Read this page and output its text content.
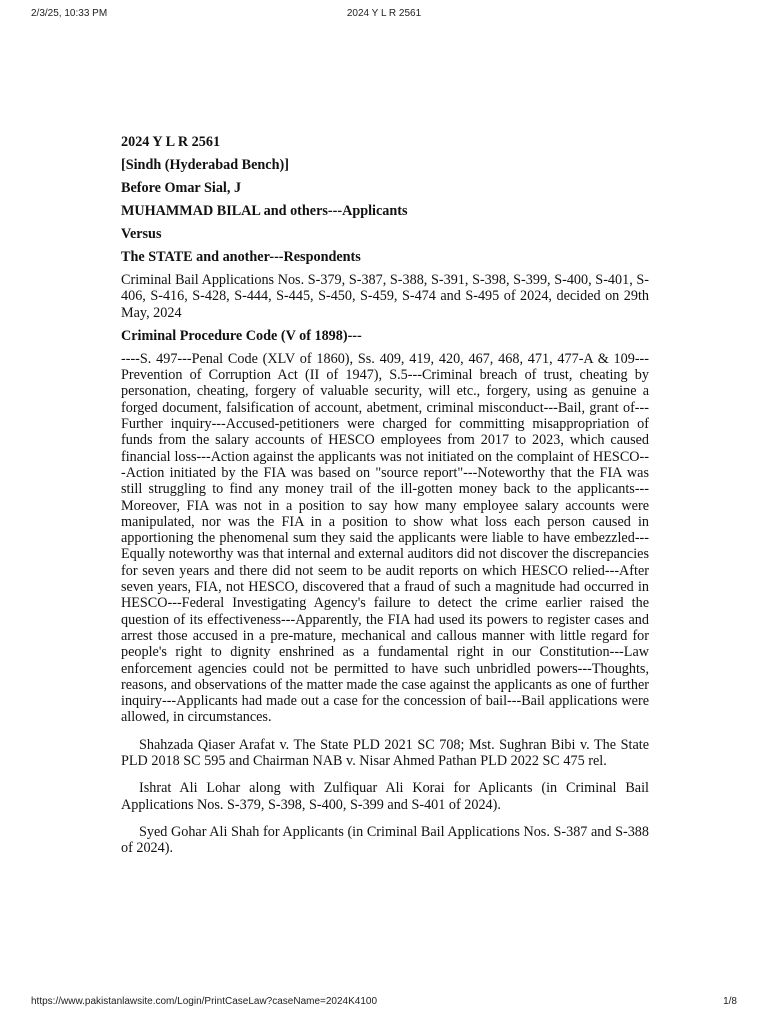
2/3/25, 10:33 PM	2024 Y L R 2561
2024 Y L R 2561
[Sindh (Hyderabad Bench)]
Before Omar Sial, J
MUHAMMAD BILAL and others---Applicants
Versus
The STATE and another---Respondents

Criminal Bail Applications Nos. S-379, S-387, S-388, S-391, S-398, S-399, S-400, S-401, S-406, S-416, S-428, S-444, S-445, S-450, S-459, S-474 and S-495 of 2024, decided on 29th May, 2024

Criminal Procedure Code (V of 1898)---

----S. 497---Penal Code (XLV of 1860), Ss. 409, 419, 420, 467, 468, 471, 477-A & 109---Prevention of Corruption Act (II of 1947), S.5---Criminal breach of trust, cheating by personation, cheating, forgery of valuable security, will etc., forgery, using as genuine a forged document, falsification of account, abetment, criminal misconduct---Bail, grant of---Further inquiry---Accused-petitioners were charged for committing misappropriation of funds from the salary accounts of HESCO employees from 2017 to 2023, which caused financial loss---Action against the applicants was not initiated on the complaint of HESCO---Action initiated by the FIA was based on "source report"---Noteworthy that the FIA was still struggling to find any money trail of the ill-gotten money back to the applicants---Moreover, FIA was not in a position to say how many employee salary accounts were manipulated, nor was the FIA in a position to show what loss each person caused in apportioning the phenomenal sum they said the applicants were liable to have embezzled---Equally noteworthy was that internal and external auditors did not discover the discrepancies for seven years and there did not seem to be audit reports on which HESCO relied---After seven years, FIA, not HESCO, discovered that a fraud of such a magnitude had occurred in HESCO---Federal Investigating Agency's failure to detect the crime earlier raised the question of its effectiveness---Apparently, the FIA had used its powers to register cases and arrest those accused in a pre-mature, mechanical and callous manner with little regard for people's right to dignity enshrined as a fundamental right in our Constitution---Law enforcement agencies could not be permitted to have such unbridled powers---Thoughts, reasons, and observations of the matter made the case against the applicants as one of further inquiry---Applicants had made out a case for the concession of bail---Bail applications were allowed, in circumstances.

Shahzada Qiaser Arafat v. The State PLD 2021 SC 708; Mst. Sughran Bibi v. The State PLD 2018 SC 595 and Chairman NAB v. Nisar Ahmed Pathan PLD 2022 SC 475 rel.

Ishrat Ali Lohar along with Zulfiquar Ali Korai for Aplicants (in Criminal Bail Applications Nos. S-379, S-398, S-400, S-399 and S-401 of 2024).

Syed Gohar Ali Shah for Applicants (in Criminal Bail Applications Nos. S-387 and S-388 of 2024).

https://www.pakistanlawsite.com/Login/PrintCaseLaw?caseName=2024K4100	1/8
